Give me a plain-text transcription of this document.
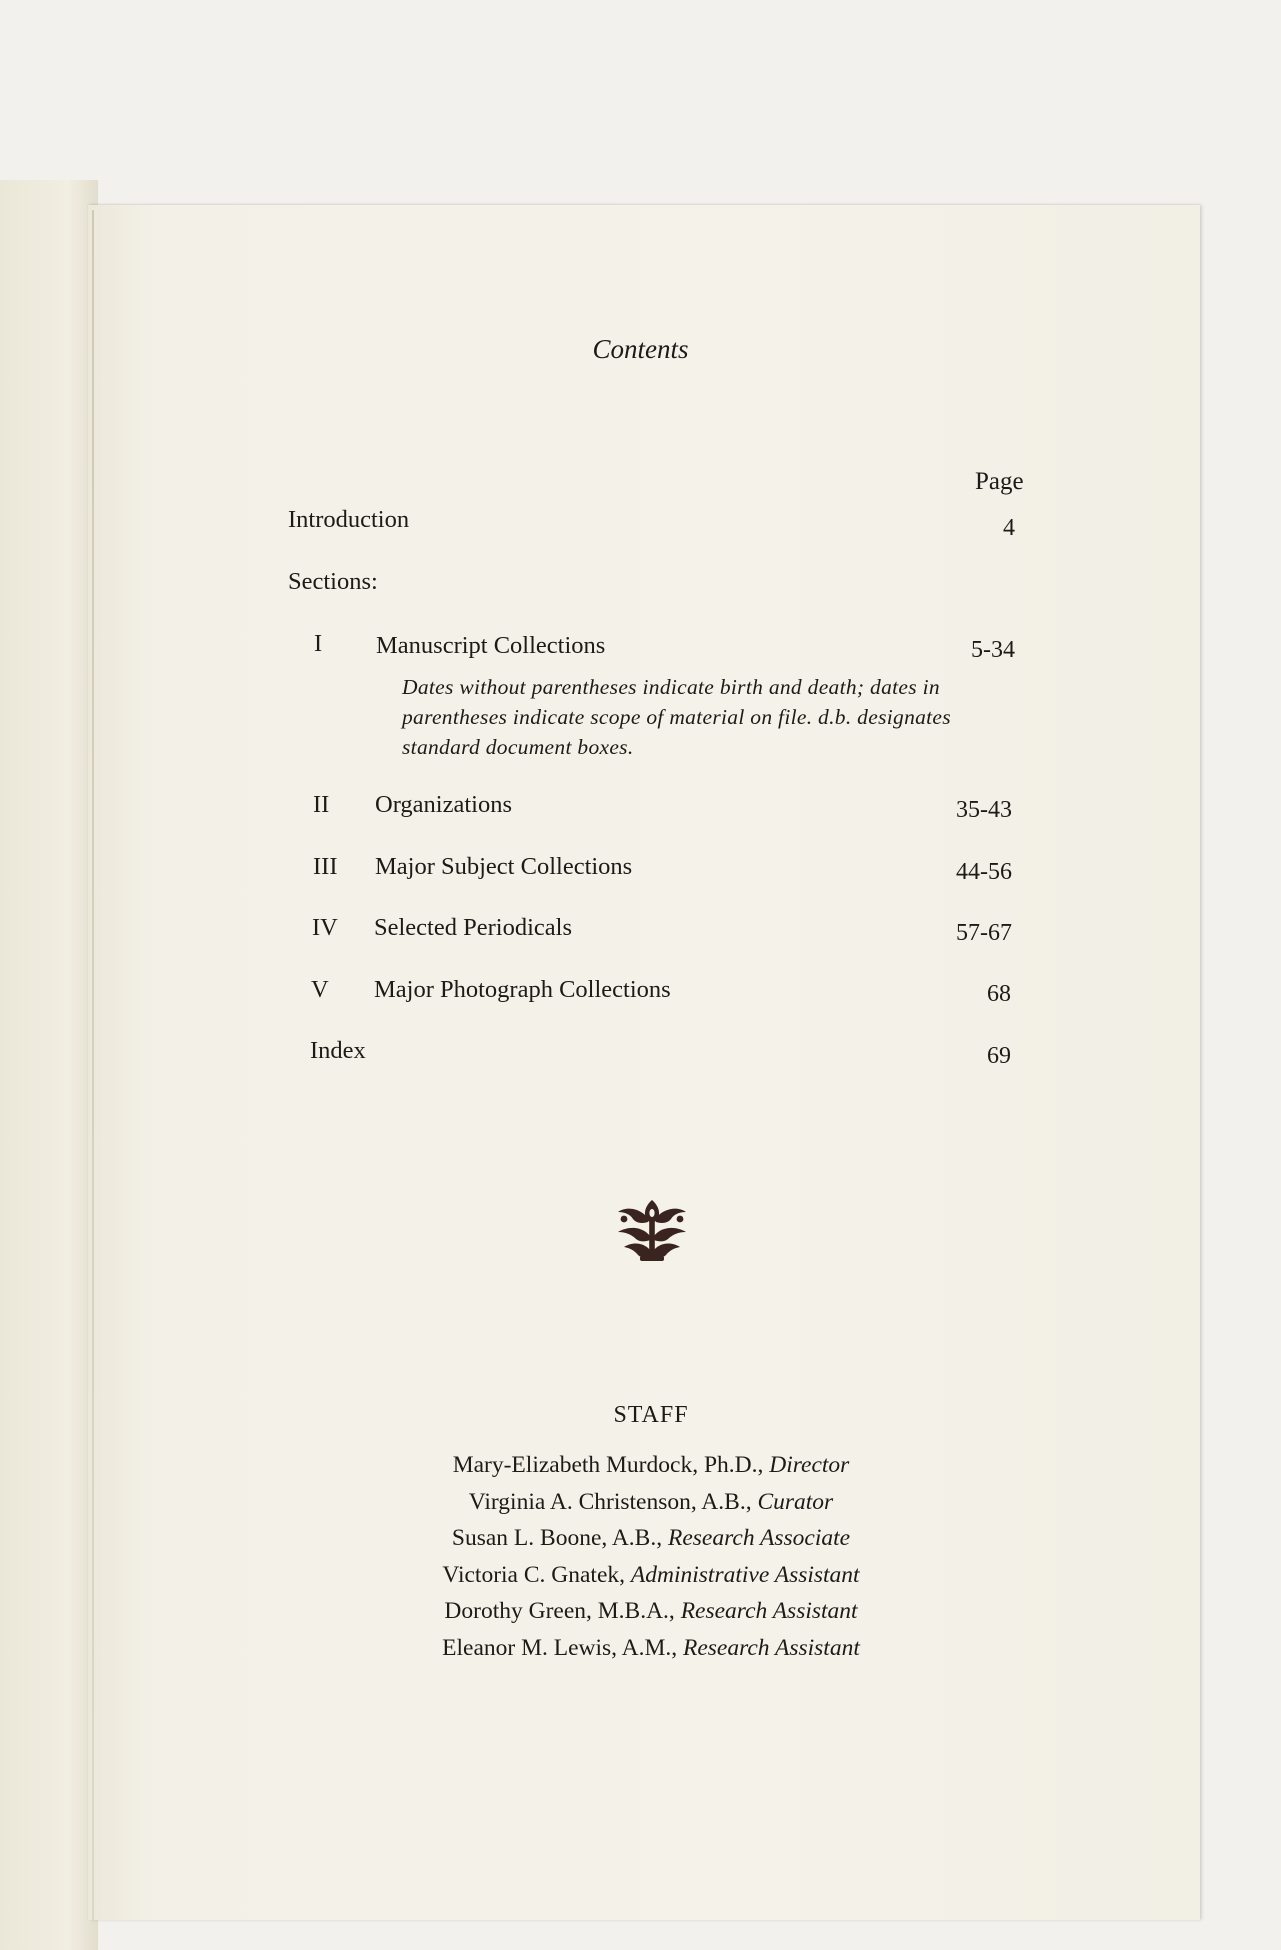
Contents
Page
Introduction	4
Sections:
I Manuscript Collections	5-34
Dates without parentheses indicate birth and death; dates in parentheses indicate scope of material on file. d.b. designates standard document boxes.
II Organizations	35-43
III Major Subject Collections	44-56
IV Selected Periodicals	57-67
V Major Photograph Collections	68
Index	69
STAFF
Mary-Elizabeth Murdock, Ph.D., Director
Virginia A. Christenson, A.B., Curator
Susan L. Boone, A.B., Research Associate
Victoria C. Gnatek, Administrative Assistant
Dorothy Green, M.B.A., Research Assistant
Eleanor M. Lewis, A.M., Research Assistant
